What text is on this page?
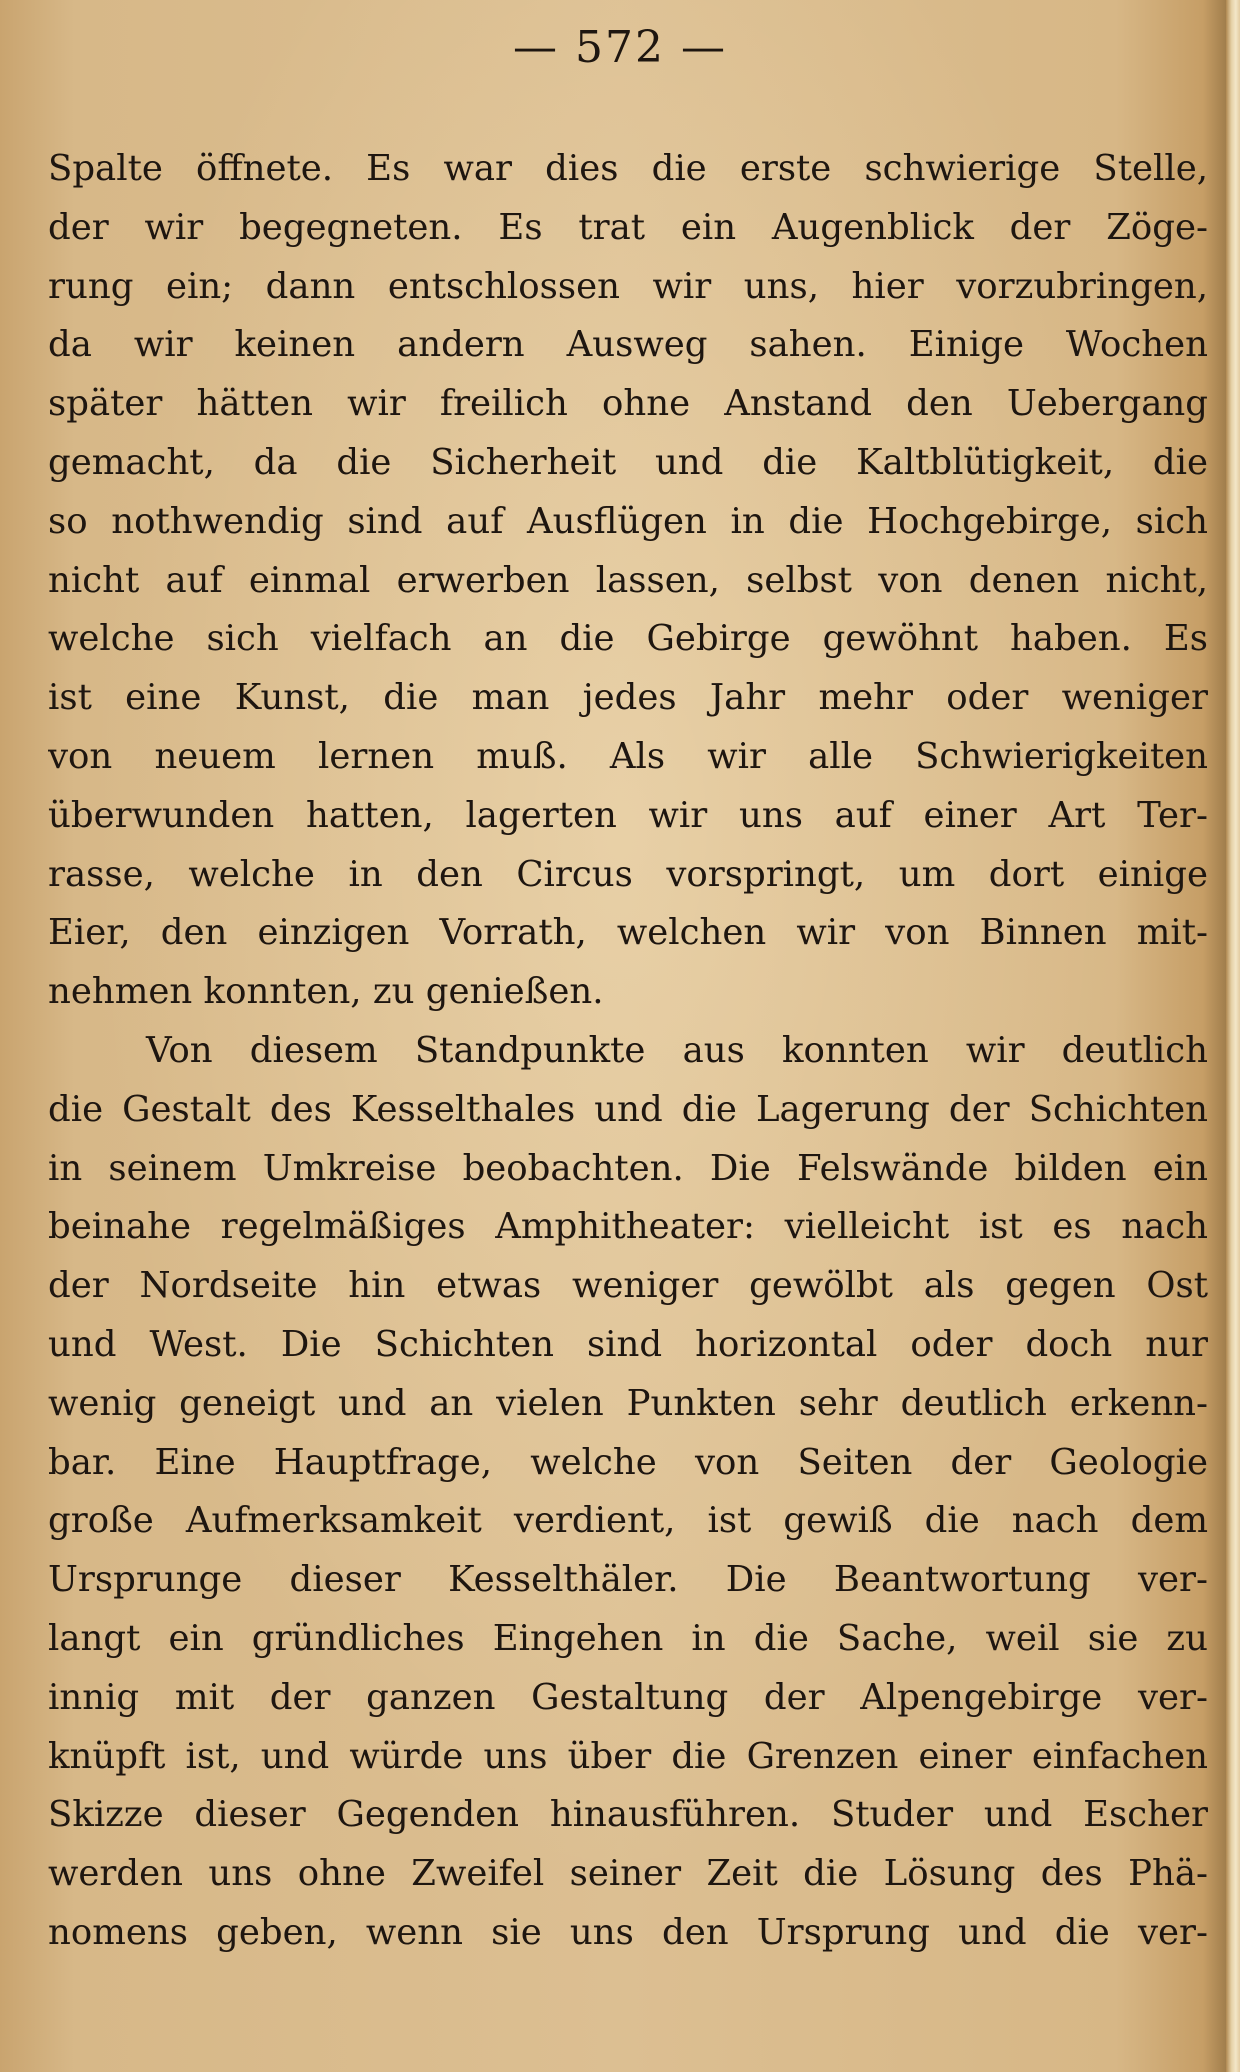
— 572 —
Spalte öffnete. Es war dies die erste schwierige Stelle,
der wir begegneten. Es trat ein Augenblick der Zöge-
rung ein; dann entschlossen wir uns, hier vorzubringen,
da wir keinen andern Ausweg sahen. Einige Wochen
später hätten wir freilich ohne Anstand den Uebergang
gemacht, da die Sicherheit und die Kaltblütigkeit, die
so nothwendig sind auf Ausflügen in die Hochgebirge, sich
nicht auf einmal erwerben lassen, selbst von denen nicht,
welche sich vielfach an die Gebirge gewöhnt haben. Es
ist eine Kunst, die man jedes Jahr mehr oder weniger
von neuem lernen muß. Als wir alle Schwierigkeiten
überwunden hatten, lagerten wir uns auf einer Art Ter-
rasse, welche in den Circus vorspringt, um dort einige
Eier, den einzigen Vorrath, welchen wir von Binnen mit-
nehmen konnten, zu genießen.
Von diesem Standpunkte aus konnten wir deutlich
die Gestalt des Kesselthales und die Lagerung der Schichten
in seinem Umkreise beobachten. Die Felswände bilden ein
beinahe regelmäßiges Amphitheater: vielleicht ist es nach
der Nordseite hin etwas weniger gewölbt als gegen Ost
und West. Die Schichten sind horizontal oder doch nur
wenig geneigt und an vielen Punkten sehr deutlich erkenn-
bar. Eine Hauptfrage, welche von Seiten der Geologie
große Aufmerksamkeit verdient, ist gewiß die nach dem
Ursprunge dieser Kesselthäler. Die Beantwortung ver-
langt ein gründliches Eingehen in die Sache, weil sie zu
innig mit der ganzen Gestaltung der Alpengebirge ver-
knüpft ist, und würde uns über die Grenzen einer einfachen
Skizze dieser Gegenden hinausführen. Studer und Escher
werden uns ohne Zweifel seiner Zeit die Lösung des Phä-
nomens geben, wenn sie uns den Ursprung und die ver-
